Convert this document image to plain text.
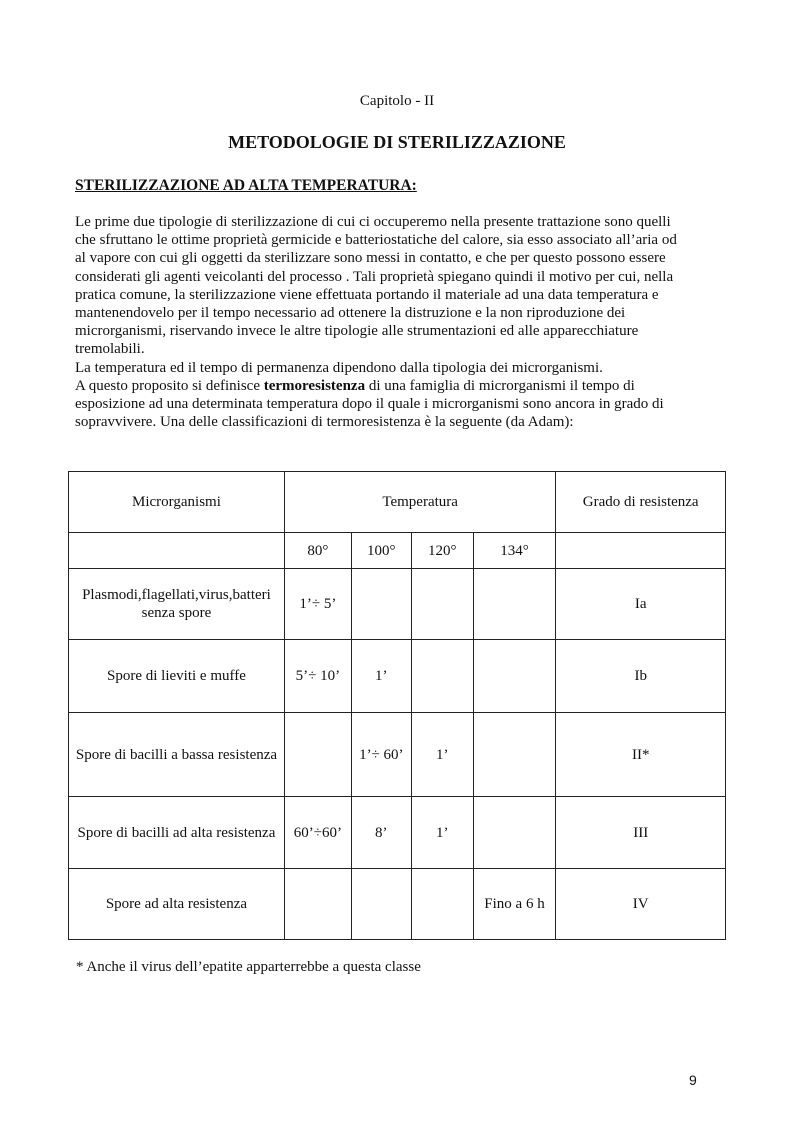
Capitolo - II
METODOLOGIE DI STERILIZZAZIONE
STERILIZZAZIONE AD ALTA TEMPERATURA:

Le prime due tipologie di sterilizzazione di cui ci occuperemo nella presente trattazione sono quelli

che sfruttano le ottime proprietà germicide e batteriostatiche del calore, sia esso associato all’aria od

al vapore con cui gli oggetti da sterilizzare sono messi in contatto, e che per questo possono essere

considerati gli agenti veicolanti del processo . Tali proprietà spiegano quindi il motivo per cui, nella

pratica comune, la sterilizzazione viene effettuata portando il materiale ad una data temperatura e

mantenendovelo per il tempo necessario ad ottenere la distruzione e la non riproduzione dei

microrganismi, riservando invece le altre tipologie alle strumentazioni ed alle apparecchiature

tremolabili.

La temperatura ed il tempo di permanenza dipendono dalla tipologia dei microrganismi.

A questo proposito si definisce termoresistenza di una famiglia di microrganismi il tempo di

esposizione ad una determinata temperatura dopo il quale i microrganismi sono ancora in grado di

sopravvivere. Una delle classificazioni di termoresistenza è la seguente (da Adam):

Microrganismi	Temperatura				Grado di resistenza
	80°	100°	120°	134°	
Plasmodi,flagellati,virus,batteri senza spore	1’÷ 5’				Ia
Spore di lieviti e muffe	5’÷ 10’	1’			Ib
Spore di bacilli a bassa resistenza		1’÷ 60’	1’		II*
Spore di bacilli ad alta resistenza	60’÷60’	8’	1’		III
Spore ad alta resistenza				Fino a 6 h	IV
* Anche il virus dell’epatite apparterrebbe a questa classe
9
